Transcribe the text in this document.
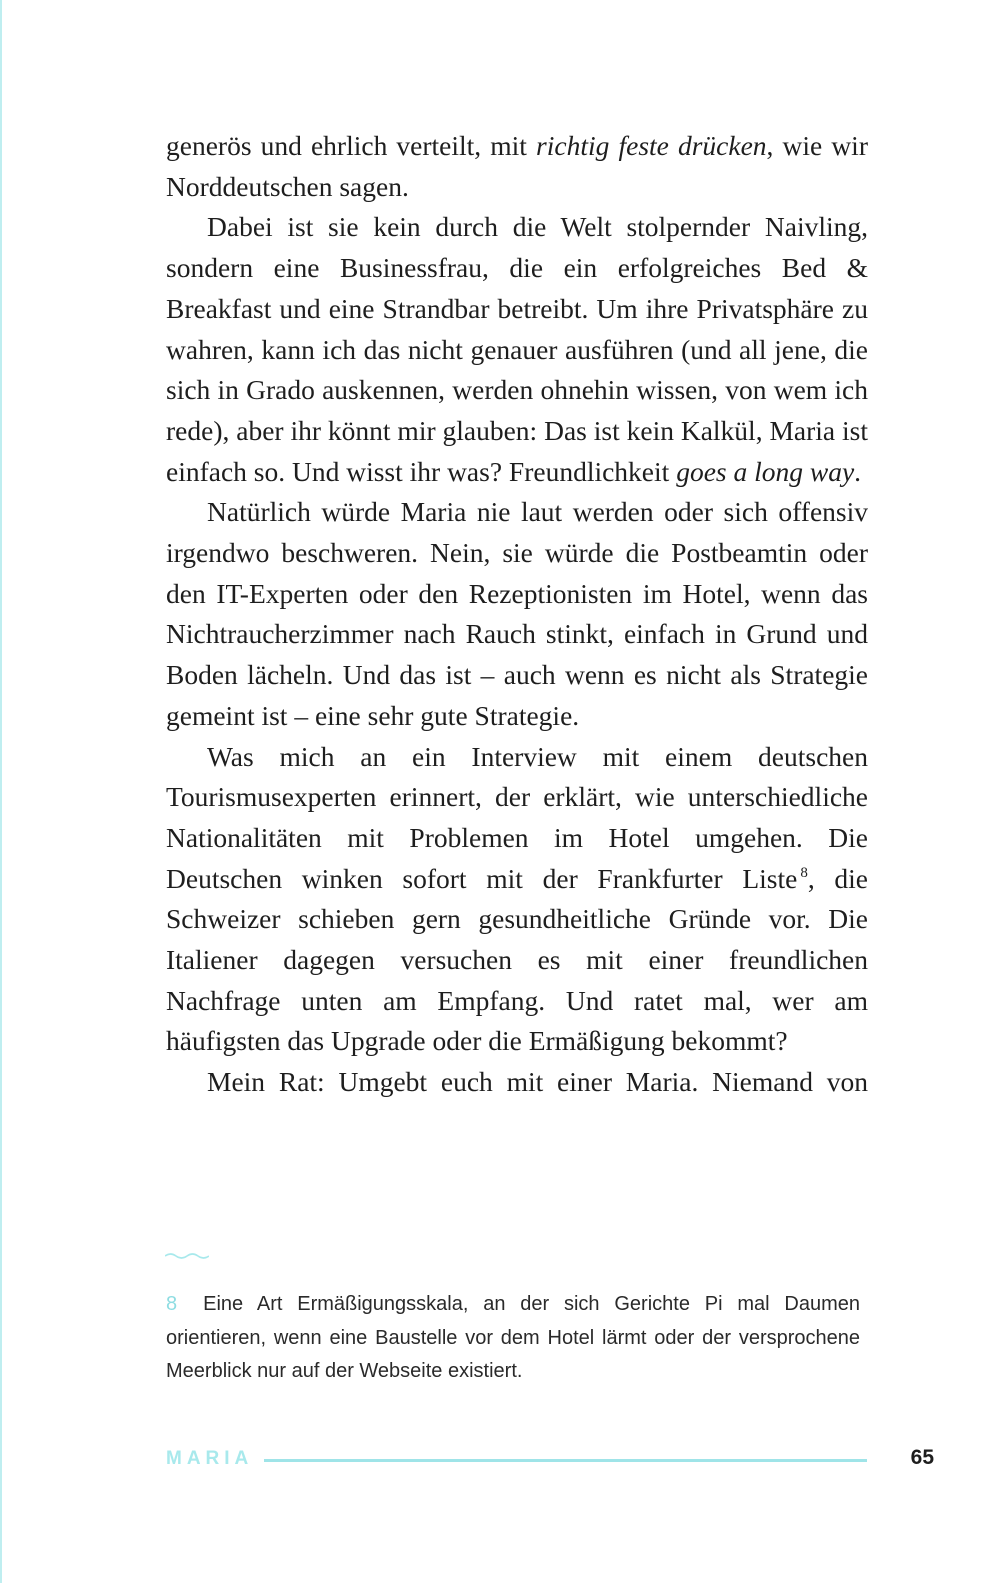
generös und ehrlich verteilt, mit richtig feste drücken, wie wir Norddeutschen sagen.

Dabei ist sie kein durch die Welt stolpernder Naivling, sondern eine Businessfrau, die ein erfolgreiches Bed & Breakfast und eine Strandbar betreibt. Um ihre Privatsphäre zu wahren, kann ich das nicht genauer ausführen (und all jene, die sich in Grado auskennen, werden ohnehin wissen, von wem ich rede), aber ihr könnt mir glauben: Das ist kein Kalkül, Maria ist einfach so. Und wisst ihr was? Freundlichkeit goes a long way.

Natürlich würde Maria nie laut werden oder sich offensiv irgendwo beschweren. Nein, sie würde die Postbeamtin oder den IT-Experten oder den Rezeptionisten im Hotel, wenn das Nichtraucherzimmer nach Rauch stinkt, einfach in Grund und Boden lächeln. Und das ist – auch wenn es nicht als Strategie gemeint ist – eine sehr gute Strategie.

Was mich an ein Interview mit einem deutschen Tourismusexperten erinnert, der erklärt, wie unterschiedliche Nationalitäten mit Problemen im Hotel umgehen. Die Deutschen winken sofort mit der Frankfurter Liste $^8$, die Schweizer schieben gern gesundheitliche Gründe vor. Die Italiener dagegen versuchen es mit einer freundlichen Nachfrage unten am Empfang. Und ratet mal, wer am häufigsten das Upgrade oder die Ermäßigung bekommt?

Mein Rat: Umgebt euch mit einer Maria. Niemand von

8 Eine Art Ermäßigungsskala, an der sich Gerichte Pi mal Daumen orientieren, wenn eine Baustelle vor dem Hotel lärmt oder der versprochene Meerblick nur auf der Webseite existiert.
MARIA	65
